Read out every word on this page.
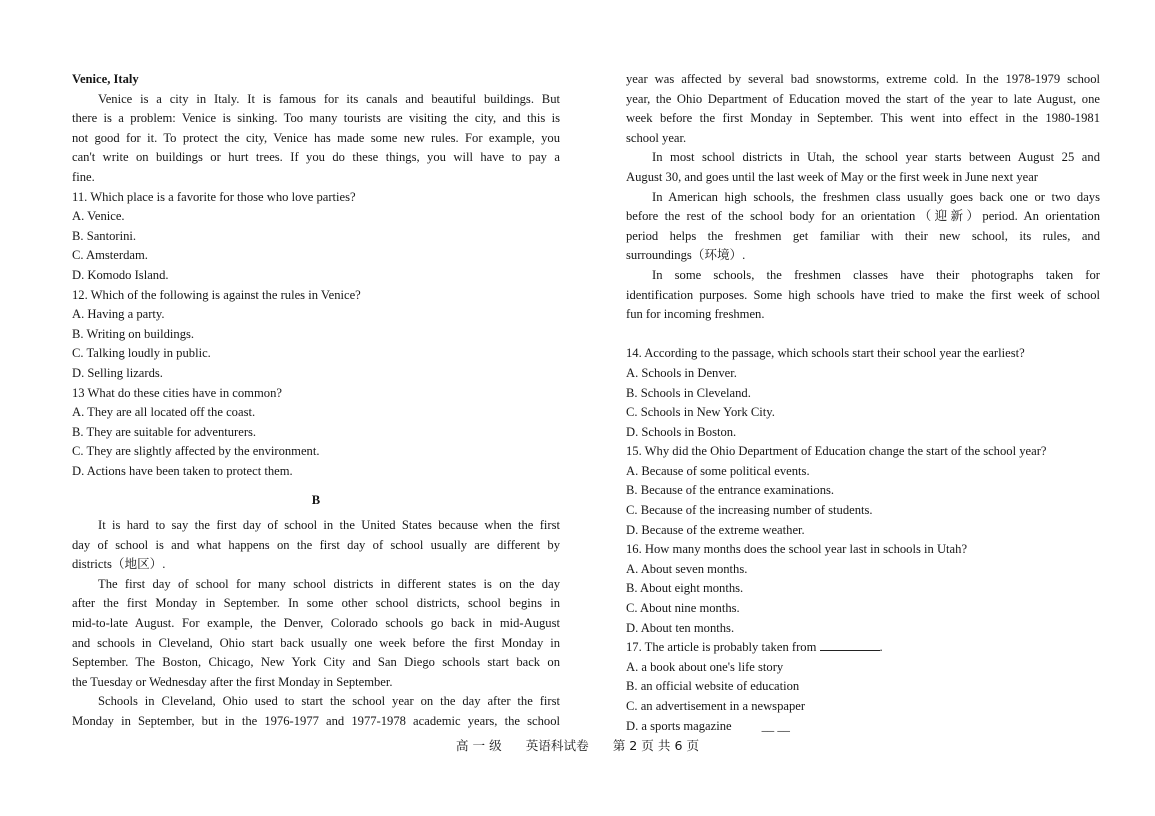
Venice, Italy
Venice is a city in Italy. It is famous for its canals and beautiful buildings. But
there is a problem: Venice is sinking. Too many tourists are visiting the city, and this is
not good for it. To protect the city, Venice has made some new rules. For example, you
can't write on buildings or hurt trees. If you do these things, you will have to pay a
fine.
11. Which place is a favorite for those who love parties?
A. Venice.
B. Santorini.
C. Amsterdam.
D. Komodo Island.
12. Which of the following is against the rules in Venice?
A. Having a party.
B. Writing on buildings.
C. Talking loudly in public.
D. Selling lizards.
13 What do these cities have in common?
A. They are all located off the coast.
B. They are suitable for adventurers.
C. They are slightly affected by the environment.
D. Actions have been taken to protect them.
B
It is hard to say the first day of school in the United States because when the first
day of school is and what happens on the first day of school usually are different by
districts（地区）.
The first day of school for many school districts in different states is on the day
after the first Monday in September. In some other school districts, school begins in
mid-to-late August. For example, the Denver, Colorado schools go back in mid-August
and schools in Cleveland, Ohio start back usually one week before the first Monday in
September. The Boston, Chicago, New York City and San Diego schools start back on
the Tuesday or Wednesday after the first Monday in September.
Schools in Cleveland, Ohio used to start the school year on the day after the first
Monday in September, but in the 1976-1977 and 1977-1978 academic years, the school
year was affected by several bad snowstorms, extreme cold. In the 1978-1979 school
year, the Ohio Department of Education moved the start of the year to late August, one
week before the first Monday in September. This went into effect in the 1980-1981
school year.
In most school districts in Utah, the school year starts between August 25 and
August 30, and goes until the last week of May or the first week in June next year
In American high schools, the freshmen class usually goes back one or two days
before the rest of the school body for an orientation（迎新）period. An orientation
period helps the freshmen get familiar with their new school, its rules, and
surroundings（环境）.
In some schools, the freshmen classes have their photographs taken for
identification purposes. Some high schools have tried to make the first week of school
fun for incoming freshmen.
14. According to the passage, which schools start their school year the earliest?
A. Schools in Denver.
B. Schools in Cleveland.
C. Schools in New York City.
D. Schools in Boston.
15. Why did the Ohio Department of Education change the start of the school year?
A. Because of some political events.
B. Because of the entrance examinations.
C. Because of the increasing number of students.
D. Because of the extreme weather.
16. How many months does the school year last in schools in Utah?
A. About seven months.
B. About eight months.
C. About nine months.
D. About ten months.
17. The article is probably taken from	.
A. a book about one's life story
B. an official website of education
C. an advertisement in a newspaper
D. a sports magazine __ __
高 一 级 英语科试卷 第 2 页 共 6 页
